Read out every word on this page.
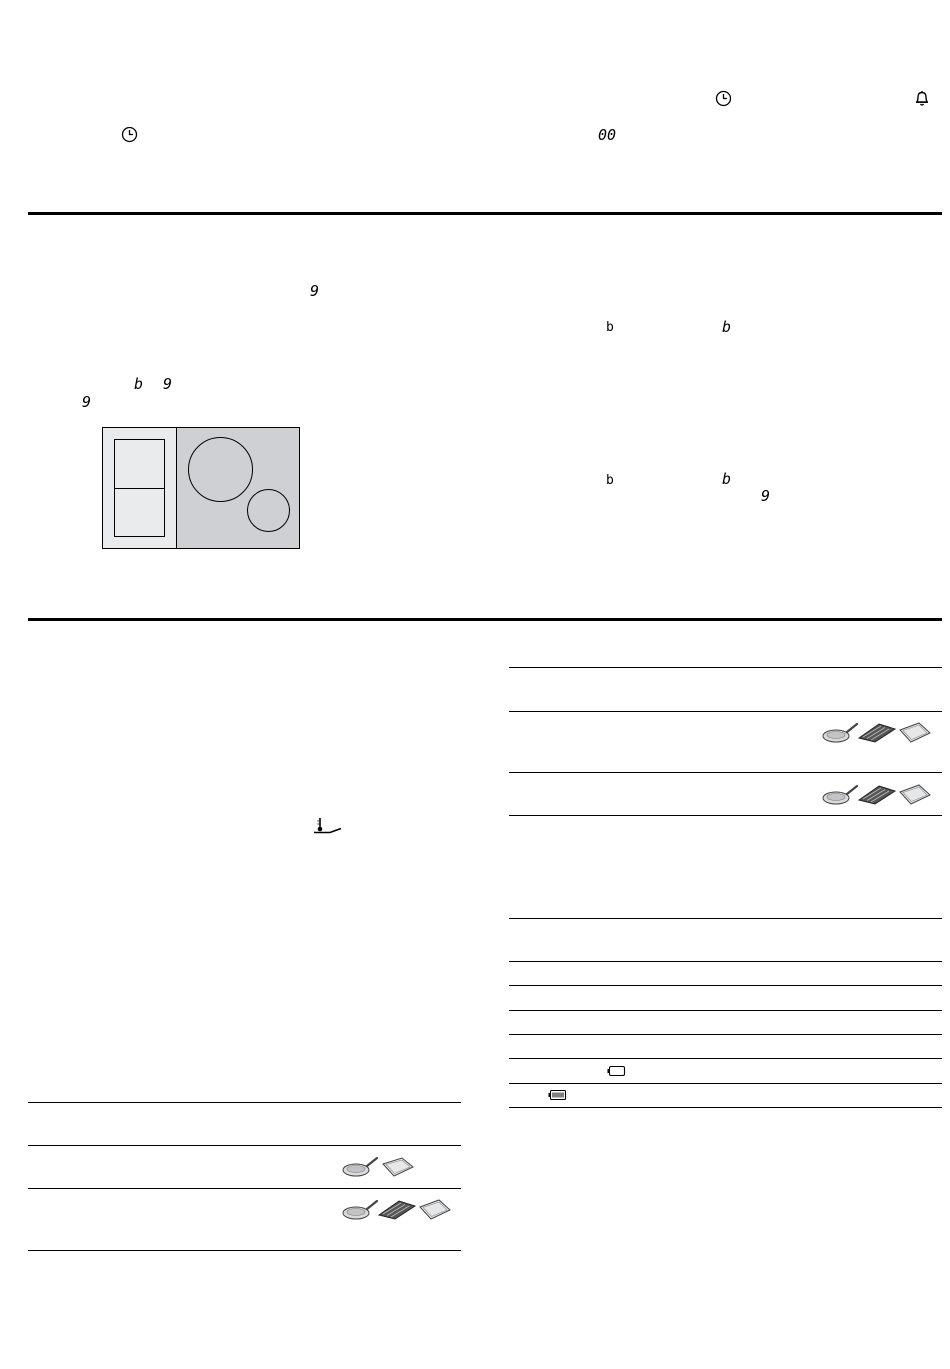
00
9
b 9
9
b	b
b	b
9
